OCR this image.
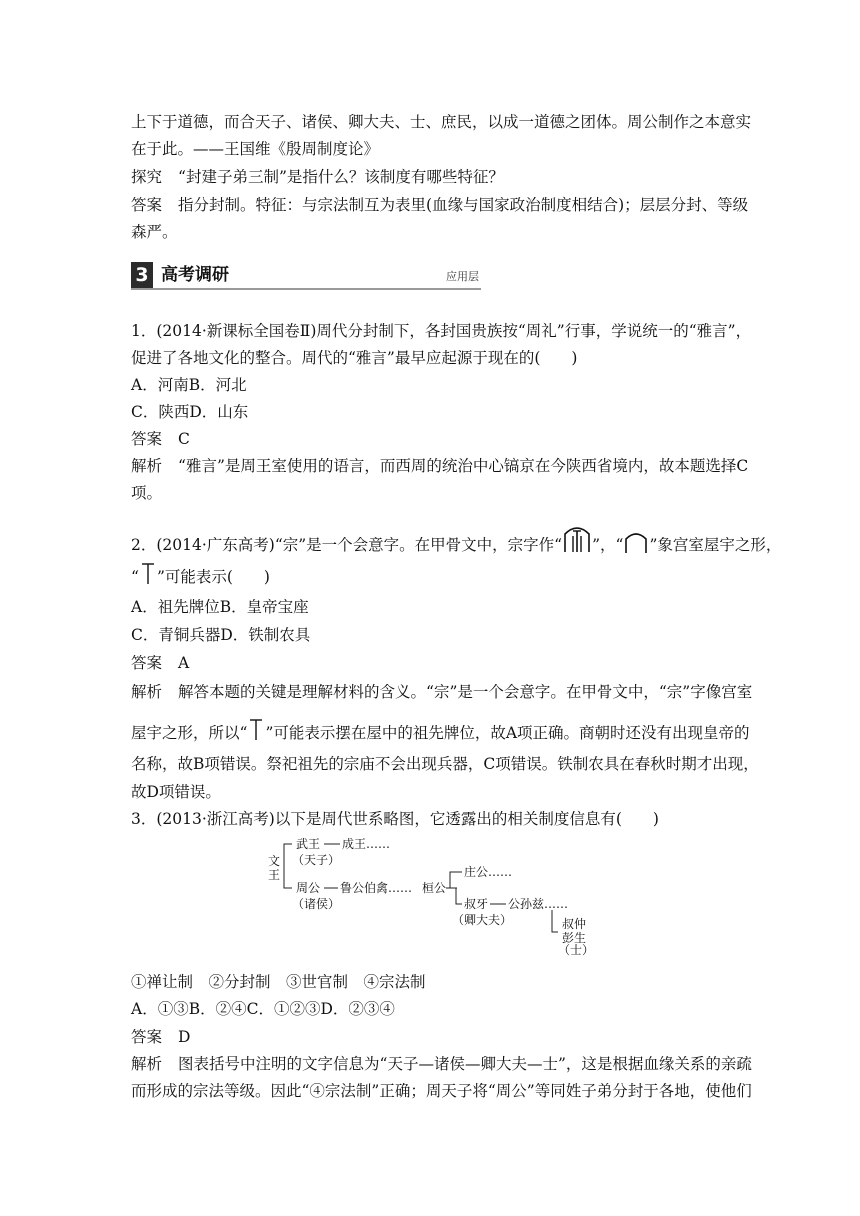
上下于道德，而合天子、诸侯、卿大夫、士、庶民，以成一道德之团体。周公制作之本意实
在于此。——王国维《殷周制度论》
探究 “封建子弟三制”是指什么？该制度有哪些特征？
答案 指分封制。特征：与宗法制互为表里(血缘与国家政治制度相结合)；层层分封、等级
森严。
3 高考调研	应用层
1．(2014·新课标全国卷Ⅱ)周代分封制下，各封国贵族按“周礼”行事，学说统一的“雅言”，
促进了各地文化的整合。周代的“雅言”最早应起源于现在的(　　)
A．河南B．河北
C．陕西D．山东
答案 C
解析 “雅言”是周王室使用的语言，而西周的统治中心镐京在今陕西省境内，故本题选择C
项。
2．(2014·广东高考)“宗”是一个会意字。在甲骨文中，宗字作“ ”，“ ”象宫室屋宇之形，
“ ”可能表示(　　)
A．祖先牌位B．皇帝宝座
C．青铜兵器D．铁制农具
答案 A
解析 解答本题的关键是理解材料的含义。“宗”是一个会意字。在甲骨文中，“宗”字像宫室
屋宇之形，所以“ ”可能表示摆在屋中的祖先牌位，故A项正确。商朝时还没有出现皇帝的
名称，故B项错误。祭祀祖先的宗庙不会出现兵器，C项错误。铁制农具在春秋时期才出现，
故D项错误。
3．(2013·浙江高考)以下是周代世系略图，它透露出的相关制度信息有(　　)
文
王
武王
（天子）
成王……
周公
（诸侯）
鲁公伯禽…… 桓公
庄公……
叔牙
（卿大夫）
公孙兹……
叔仲
彭生
（士）
①禅让制　②分封制　③世官制　④宗法制
A．①③B．②④C．①②③D．②③④
答案 D
解析 图表括号中注明的文字信息为“天子—诸侯—卿大夫—士”，这是根据血缘关系的亲疏
而形成的宗法等级。因此“④宗法制”正确；周天子将“周公”等同姓子弟分封于各地，使他们
